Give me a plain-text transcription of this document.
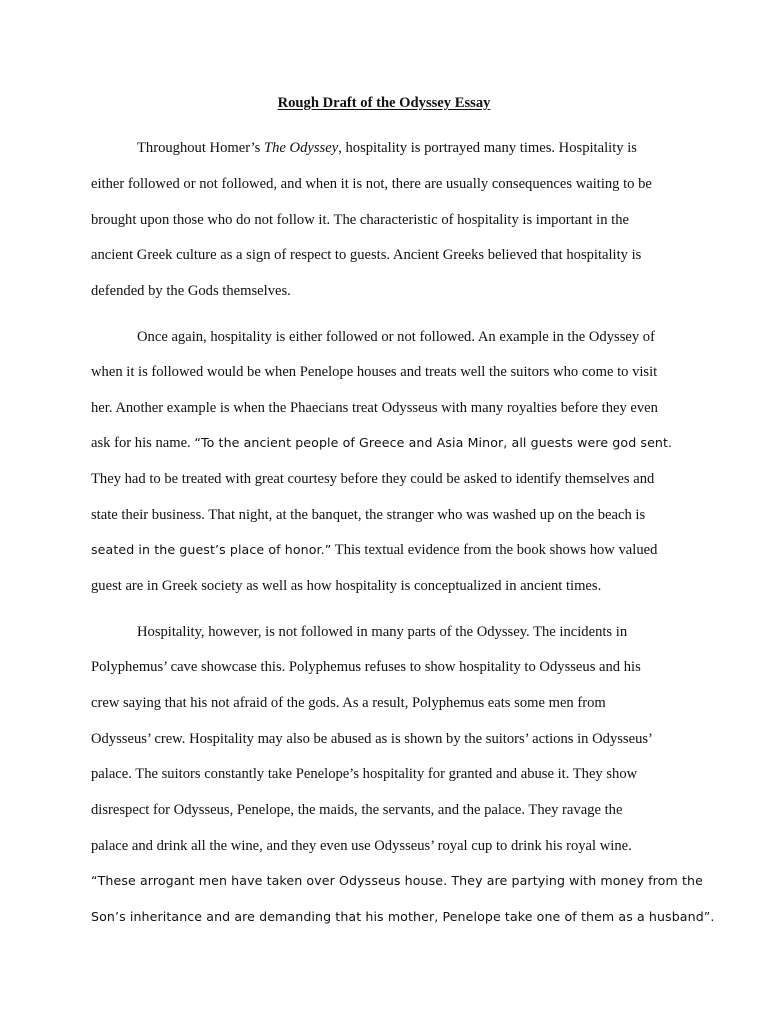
Rough Draft of the Odyssey Essay
Throughout Homer’s The Odyssey, hospitality is portrayed many times. Hospitality is
either followed or not followed, and when it is not, there are usually consequences waiting to be
brought upon those who do not follow it. The characteristic of hospitality is important in the
ancient Greek culture as a sign of respect to guests. Ancient Greeks believed that hospitality is
defended by the Gods themselves.
Once again, hospitality is either followed or not followed. An example in the Odyssey of
when it is followed would be when Penelope houses and treats well the suitors who come to visit
her. Another example is when the Phaecians treat Odysseus with many royalties before they even
ask for his name. “To the ancient people of Greece and Asia Minor, all guests were god sent.
They had to be treated with great courtesy before they could be asked to identify themselves and
state their business. That night, at the banquet, the stranger who was washed up on the beach is
seated in the guest’s place of honor.” This textual evidence from the book shows how valued
guest are in Greek society as well as how hospitality is conceptualized in ancient times.
Hospitality, however, is not followed in many parts of the Odyssey. The incidents in
Polyphemus’ cave showcase this. Polyphemus refuses to show hospitality to Odysseus and his
crew saying that his not afraid of the gods. As a result, Polyphemus eats some men from
Odysseus’ crew. Hospitality may also be abused as is shown by the suitors’ actions in Odysseus’
palace. The suitors constantly take Penelope’s hospitality for granted and abuse it. They show
disrespect for Odysseus, Penelope, the maids, the servants, and the palace. They ravage the
palace and drink all the wine, and they even use Odysseus’ royal cup to drink his royal wine.
“These arrogant men have taken over Odysseus house. They are partying with money from the
Son’s inheritance and are demanding that his mother, Penelope take one of them as a husband”.
